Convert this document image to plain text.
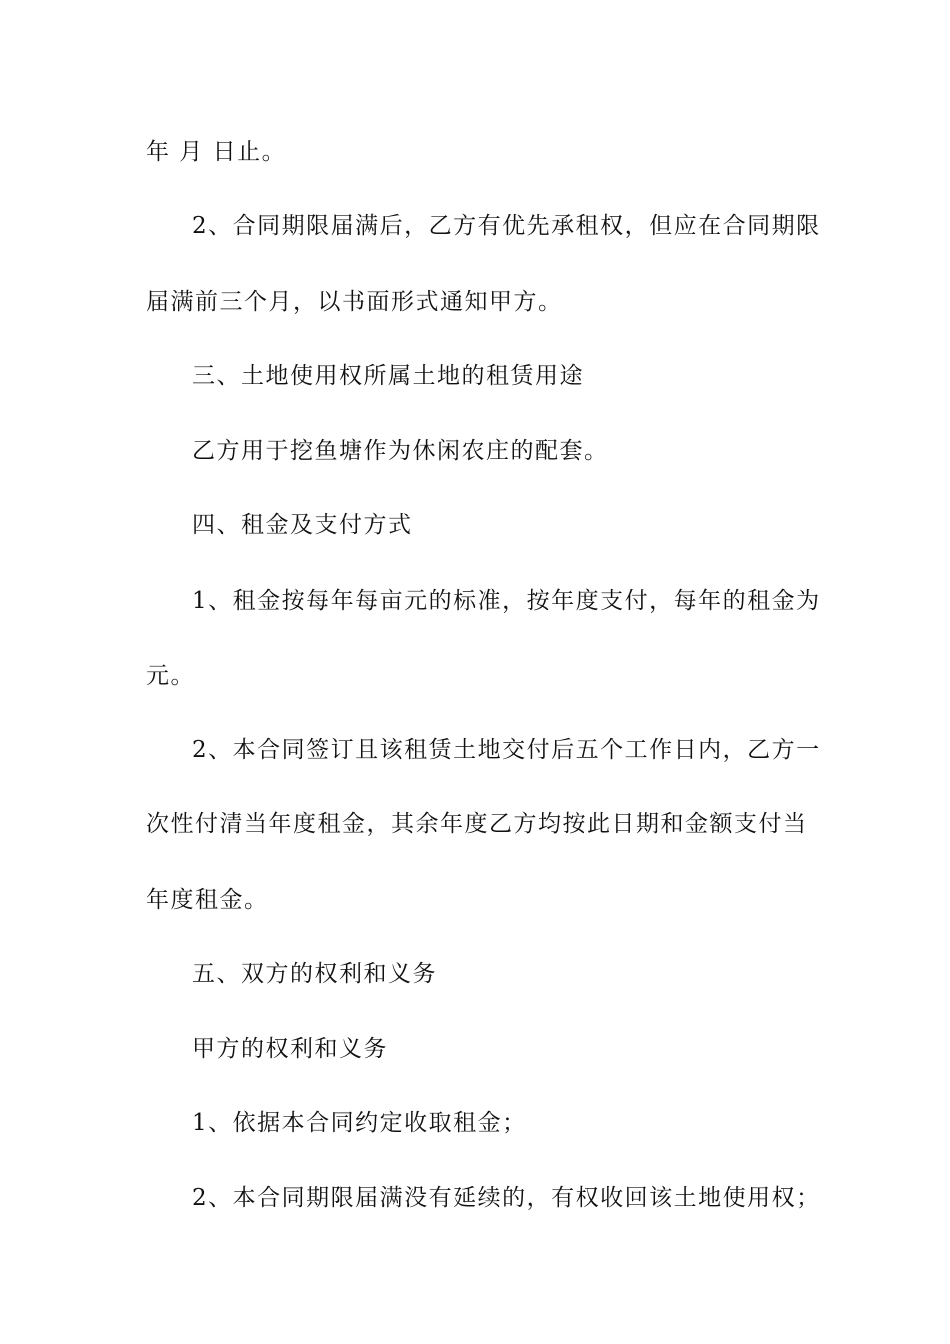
年 月 日止。
2、合同期限届满后，乙方有优先承租权，但应在合同期限
届满前三个月，以书面形式通知甲方。
三、土地使用权所属土地的租赁用途
乙方用于挖鱼塘作为休闲农庄的配套。
四、租金及支付方式
1、租金按每年每亩元的标准，按年度支付，每年的租金为
元。
2、本合同签订且该租赁土地交付后五个工作日内，乙方一
次性付清当年度租金，其余年度乙方均按此日期和金额支付当
年度租金。
五、双方的权利和义务
甲方的权利和义务
1、依据本合同约定收取租金；
2、本合同期限届满没有延续的，有权收回该土地使用权；
